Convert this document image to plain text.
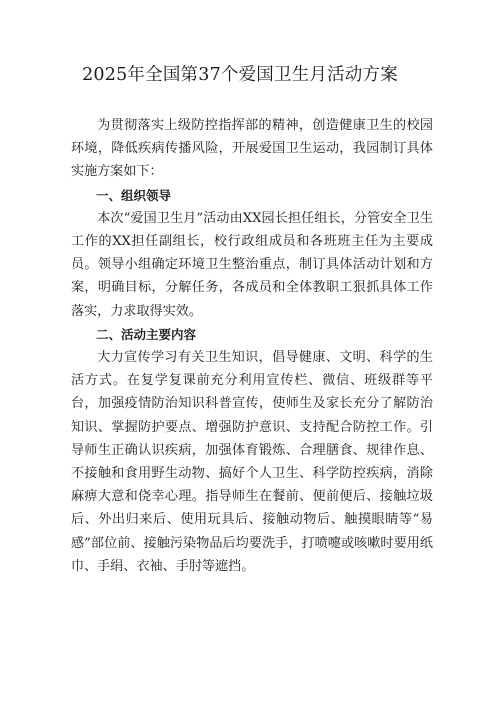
2025年全国第37个爱国卫生月活动方案

为贯彻落实上级防控指挥部的精神，创造健康卫生的校园环境，降低疾病传播风险，开展爱国卫生运动，我园制订具体实施方案如下：

一、组织领导

本次“爱国卫生月”活动由XX园长担任组长，分管安全卫生工作的XX担任副组长，校行政组成员和各班班主任为主要成员。领导小组确定环境卫生整治重点，制订具体活动计划和方案，明确目标，分解任务，各成员和全体教职工狠抓具体工作落实，力求取得实效。

二、活动主要内容

大力宣传学习有关卫生知识，倡导健康、文明、科学的生活方式。在复学复课前充分利用宣传栏、微信、班级群等平台，加强疫情防治知识科普宣传，使师生及家长充分了解防治知识、掌握防护要点、增强防护意识、支持配合防控工作。引导师生正确认识疾病，加强体育锻炼、合理膳食、规律作息、不接触和食用野生动物、搞好个人卫生、科学防控疾病，消除麻痹大意和侥幸心理。指导师生在餐前、便前便后、接触垃圾后、外出归来后、使用玩具后、接触动物后、触摸眼睛等“易感”部位前、接触污染物品后均要洗手，打喷嚏或咳嗽时要用纸巾、手绢、衣袖、手肘等遮挡。
